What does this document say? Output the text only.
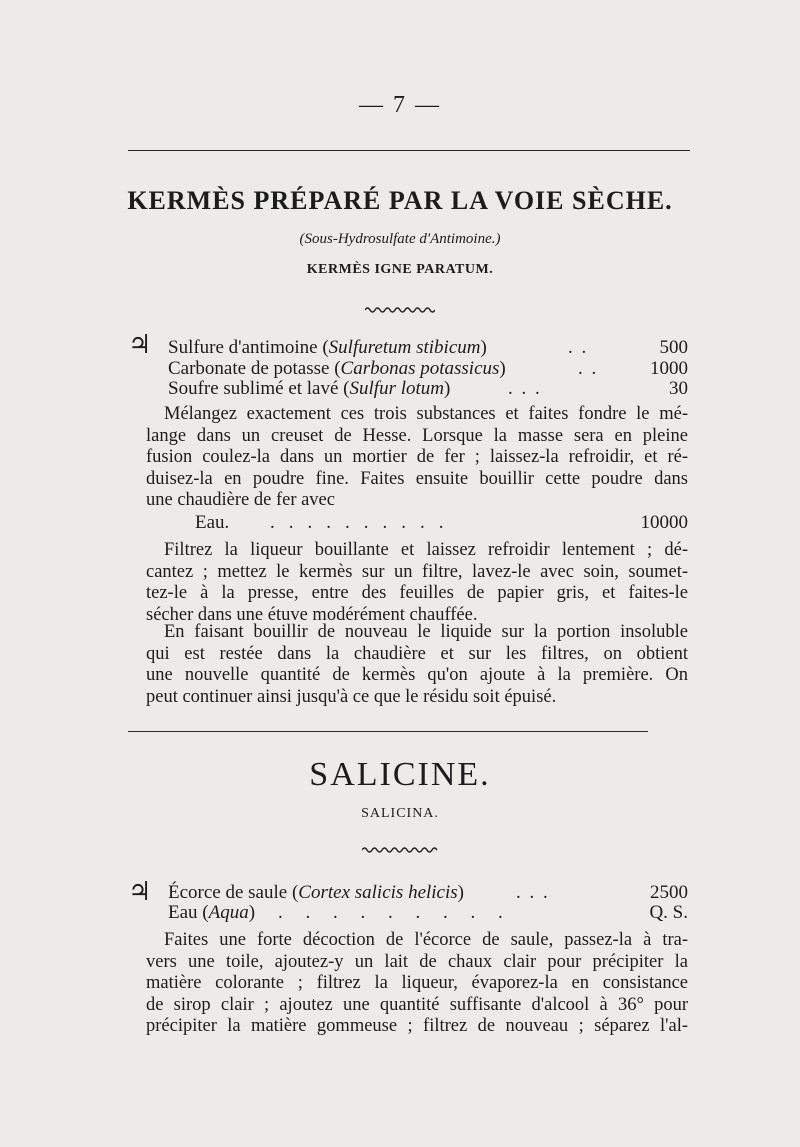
— 7 —
KERMÈS PRÉPARÉ PAR LA VOIE SÈCHE.
(Sous-Hydrosulfate d'Antimoine.)
KERMÈS IGNE PARATUM.
♃ Sulfure d'antimoine (Sulfuretum stibicum)	. .	500
Carbonate de potasse (Carbonas potassicus)	. .	1000
Soufre sublimé et lavé (Sulfur lotum)	. . .	30
Mélangez exactement ces trois substances et faites fondre le mé-
lange dans un creuset de Hesse. Lorsque la masse sera en pleine
fusion coulez-la dans un mortier de fer ; laissez-la refroidir, et ré-
duisez-la en poudre fine. Faites ensuite bouillir cette poudre dans
une chaudière de fer avec
Eau. ..........	10000
Filtrez la liqueur bouillante et laissez refroidir lentement ; dé-
cantez ; mettez le kermès sur un filtre, lavez-le avec soin, soumet-
tez-le à la presse, entre des feuilles de papier gris, et faites-le
sécher dans une étuve modérément chauffée.
En faisant bouillir de nouveau le liquide sur la portion insoluble
qui est restée dans la chaudière et sur les filtres, on obtient
une nouvelle quantité de kermès qu'on ajoute à la première. On
peut continuer ainsi jusqu'à ce que le résidu soit épuisé.
SALICINE.
SALICINA.
♃ Écorce de saule (Cortex salicis helicis)	. . .	2500
Eau (Aqua) . . . . . . . . .	Q. S.
Faites une forte décoction de l'écorce de saule, passez-la à tra-
vers une toile, ajoutez-y un lait de chaux clair pour précipiter la
matière colorante ; filtrez la liqueur, évaporez-la en consistance
de sirop clair ; ajoutez une quantité suffisante d'alcool à 36° pour
précipiter la matière gommeuse ; filtrez de nouveau ; séparez l'al-
